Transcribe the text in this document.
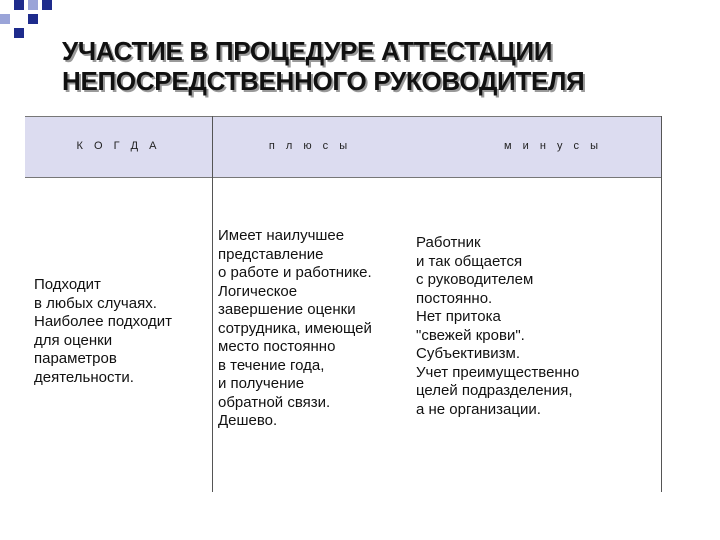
УЧАСТИЕ В ПРОЦЕДУРЕ АТТЕСТАЦИИ
НЕПОСРЕДСТВЕННОГО РУКОВОДИТЕЛЯ
К О Г Д А	п л ю с ы	м и н у с ы
Подходит
в любых случаях.
Наиболее подходит
для оценки
параметров
деятельности.
Имеет наилучшее
представление
о работе и работнике.
Логическое
завершение оценки
сотрудника, имеющей
место постоянно
в течение года,
и получение
обратной связи.
Дешево.
Работник
и так общается
с руководителем
постоянно.
Нет притока
"свежей крови".
Субъективизм.
Учет преимущественно
целей подразделения,
а не организации.
